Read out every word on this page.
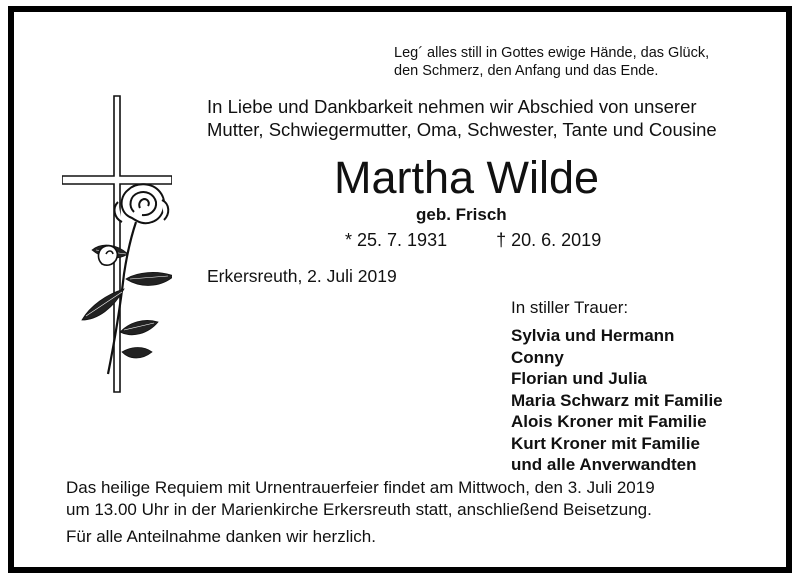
Leg´ alles still in Gottes ewige Hände, das Glück,
den Schmerz, den Anfang und das Ende.
In Liebe und Dankbarkeit nehmen wir Abschied von unserer
Mutter, Schwiegermutter, Oma, Schwester, Tante und Cousine
Martha Wilde
geb. Frisch
* 25. 7. 1931	† 20. 6. 2019
Erkersreuth, 2. Juli 2019
In stiller Trauer:
Sylvia und Hermann
Conny
Florian und Julia
Maria Schwarz mit Familie
Alois Kroner mit Familie
Kurt Kroner mit Familie
und alle Anverwandten
Das heilige Requiem mit Urnentrauerfeier findet am Mittwoch, den 3. Juli 2019
um 13.00 Uhr in der Marienkirche Erkersreuth statt, anschließend Beisetzung.
Für alle Anteilnahme danken wir herzlich.
